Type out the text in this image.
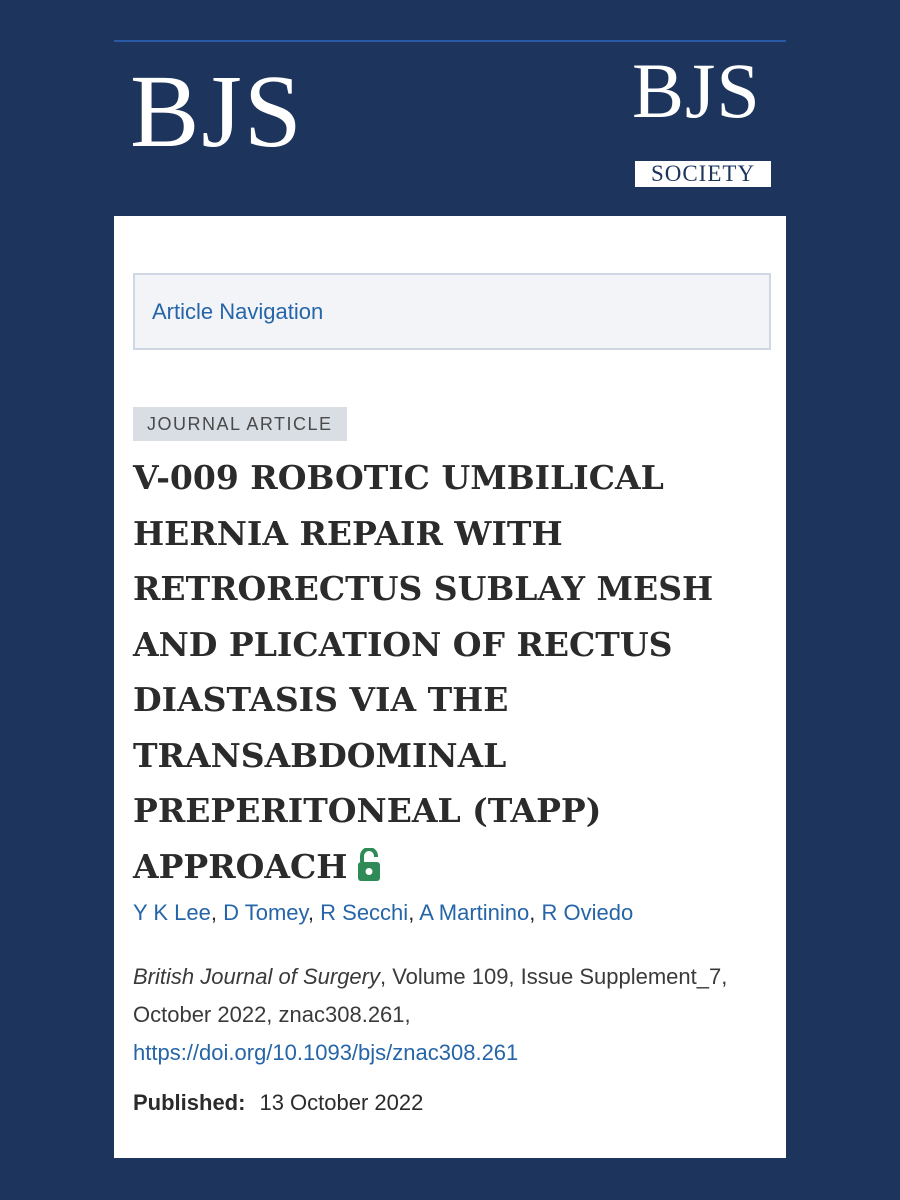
BJS	BJS
SOCIETY
Article Navigation
JOURNAL ARTICLE
V-009 ROBOTIC UMBILICAL HERNIA REPAIR WITH RETRORECTUS SUBLAY MESH AND PLICATION OF RECTUS DIASTASIS VIA THE TRANSABDOMINAL PREPERITONEAL (TAPP) APPROACH
Y K Lee, D Tomey, R Secchi, A Martinino, R Oviedo
British Journal of Surgery, Volume 109, Issue Supplement_7, October 2022, znac308.261,
https://doi.org/10.1093/bjs/znac308.261
Published: 13 October 2022
